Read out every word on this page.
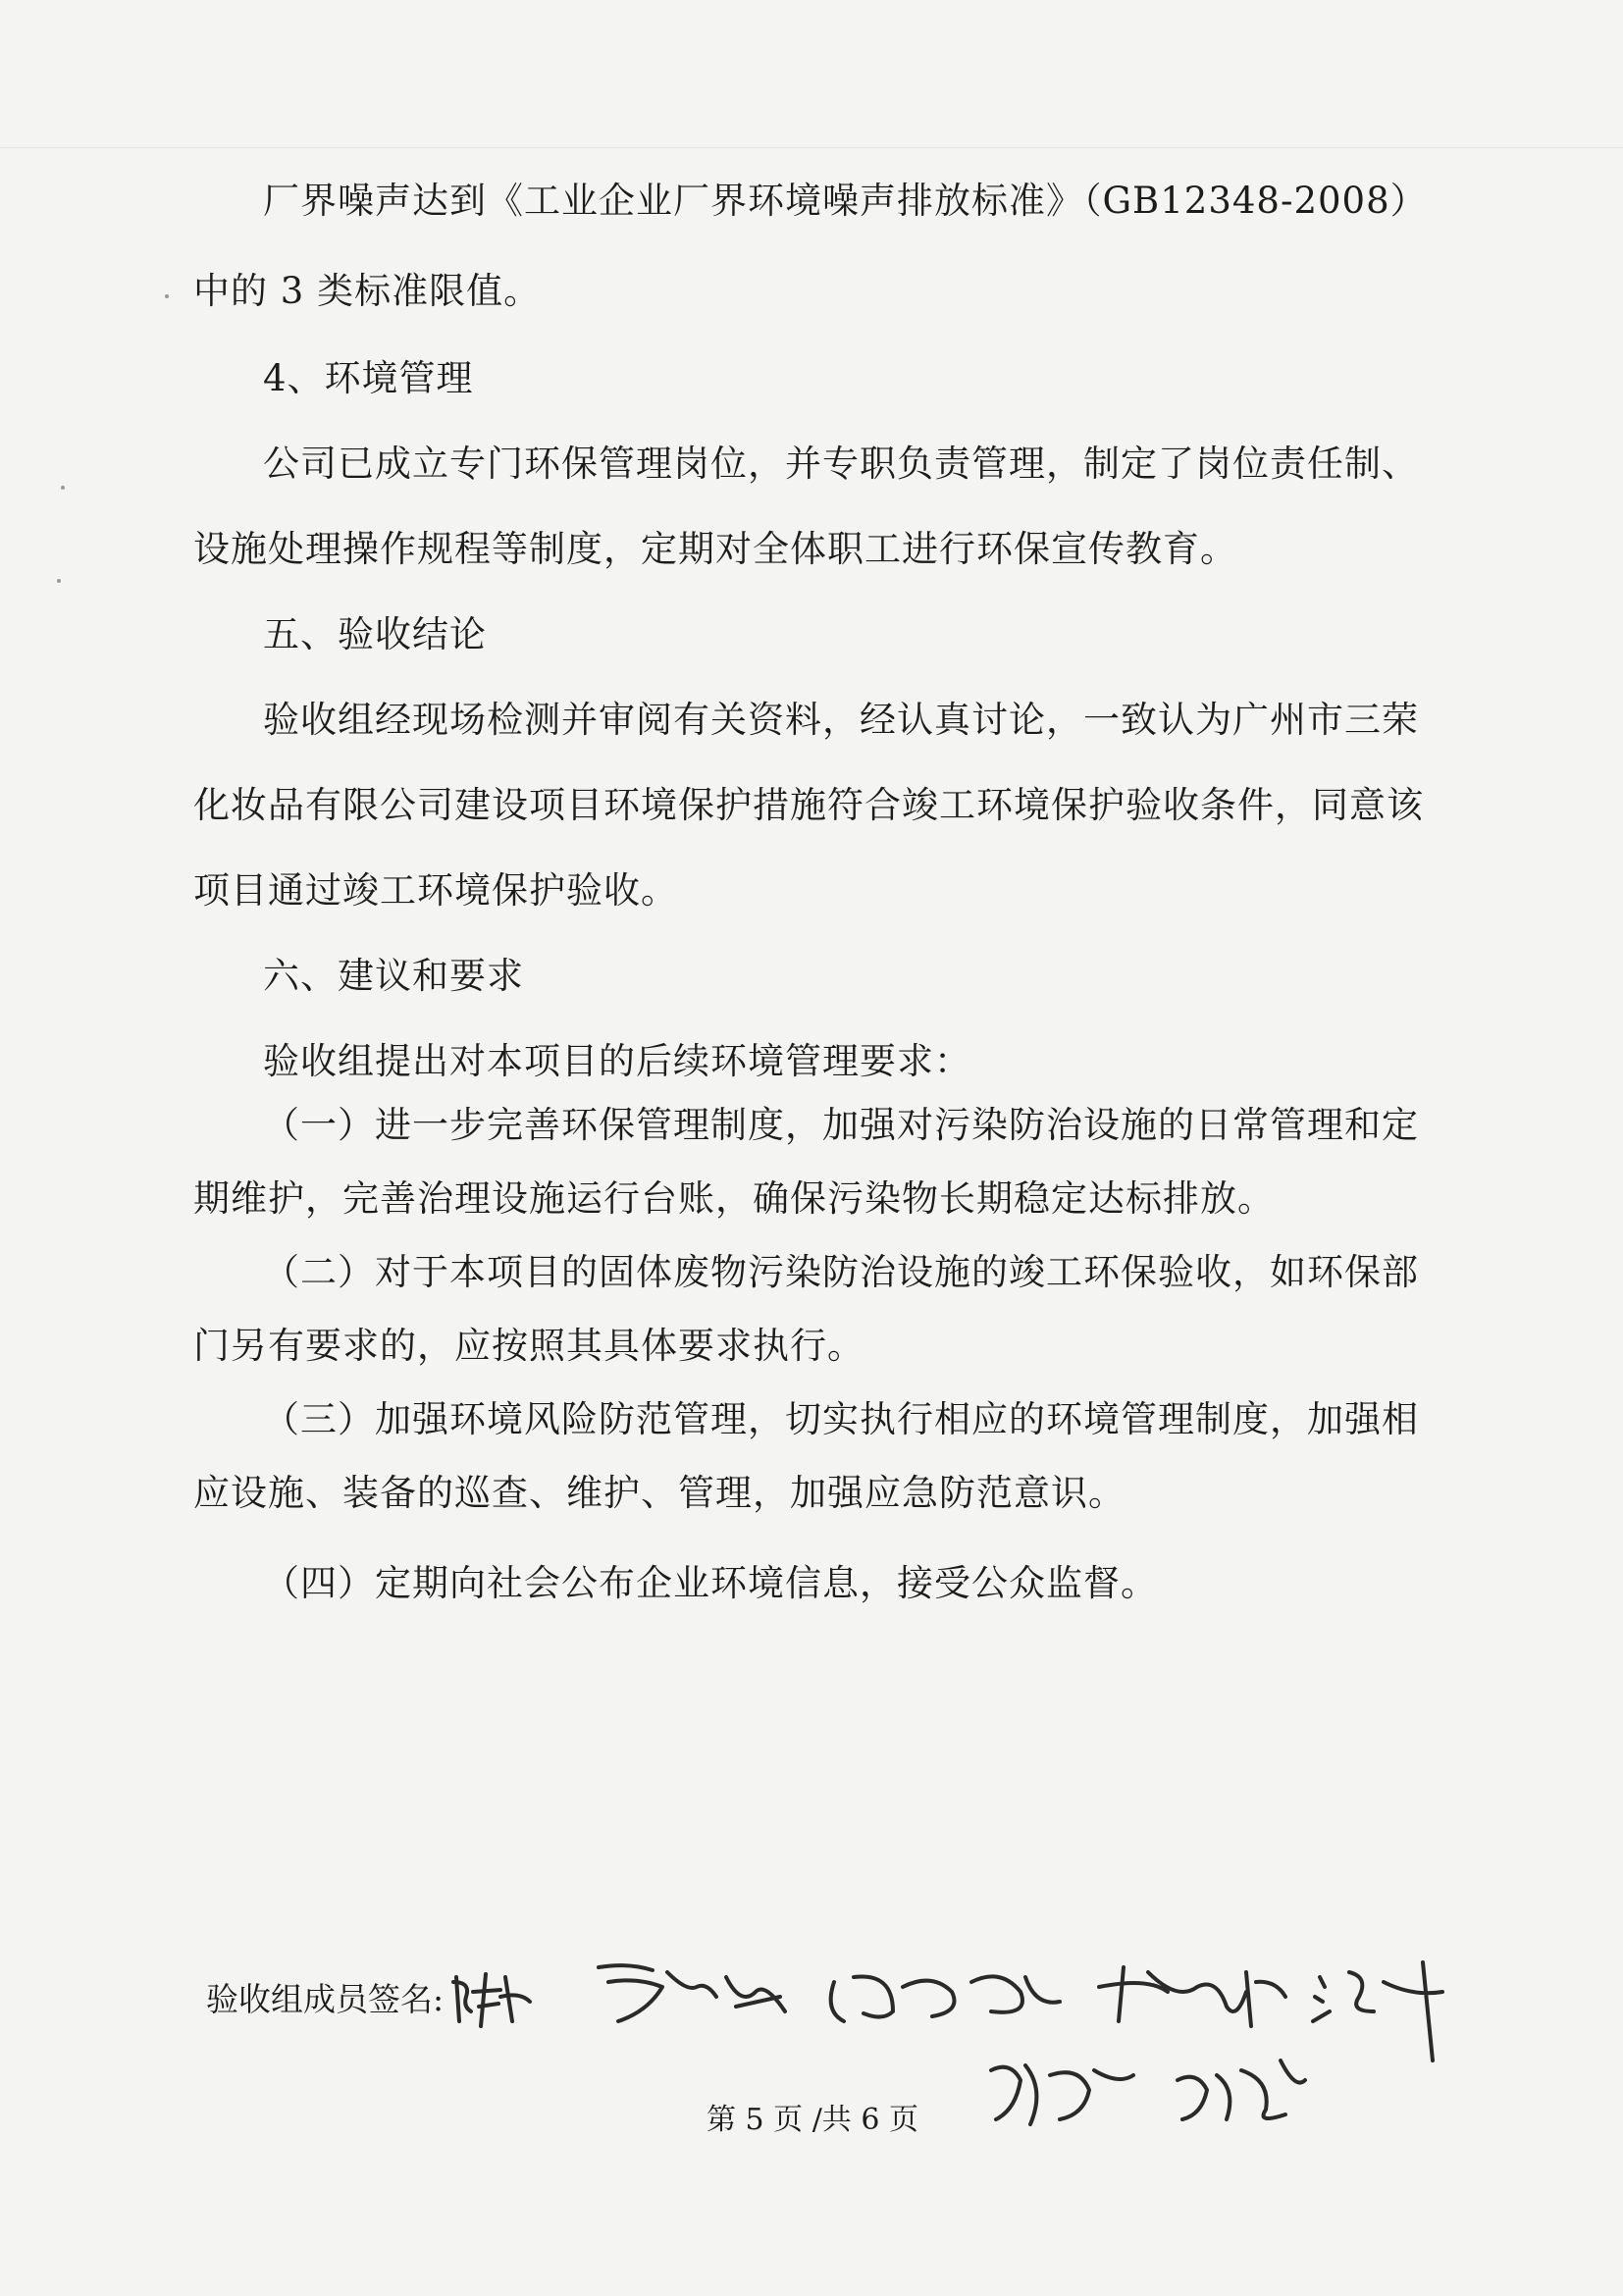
厂界噪声达到《工业企业厂界环境噪声排放标准》（GB12348-2008）
中的 3 类标准限值。
4、环境管理
公司已成立专门环保管理岗位，并专职负责管理，制定了岗位责任制、
设施处理操作规程等制度，定期对全体职工进行环保宣传教育。
五、验收结论
验收组经现场检测并审阅有关资料，经认真讨论，一致认为广州市三荣
化妆品有限公司建设项目环境保护措施符合竣工环境保护验收条件，同意该
项目通过竣工环境保护验收。
六、建议和要求
验收组提出对本项目的后续环境管理要求：
（一）进一步完善环保管理制度，加强对污染防治设施的日常管理和定
期维护，完善治理设施运行台账，确保污染物长期稳定达标排放。
（二）对于本项目的固体废物污染防治设施的竣工环保验收，如环保部
门另有要求的，应按照其具体要求执行。
（三）加强环境风险防范管理，切实执行相应的环境管理制度，加强相
应设施、装备的巡查、维护、管理，加强应急防范意识。
（四）定期向社会公布企业环境信息，接受公众监督。
验收组成员签名:
第 5 页 /共 6 页
